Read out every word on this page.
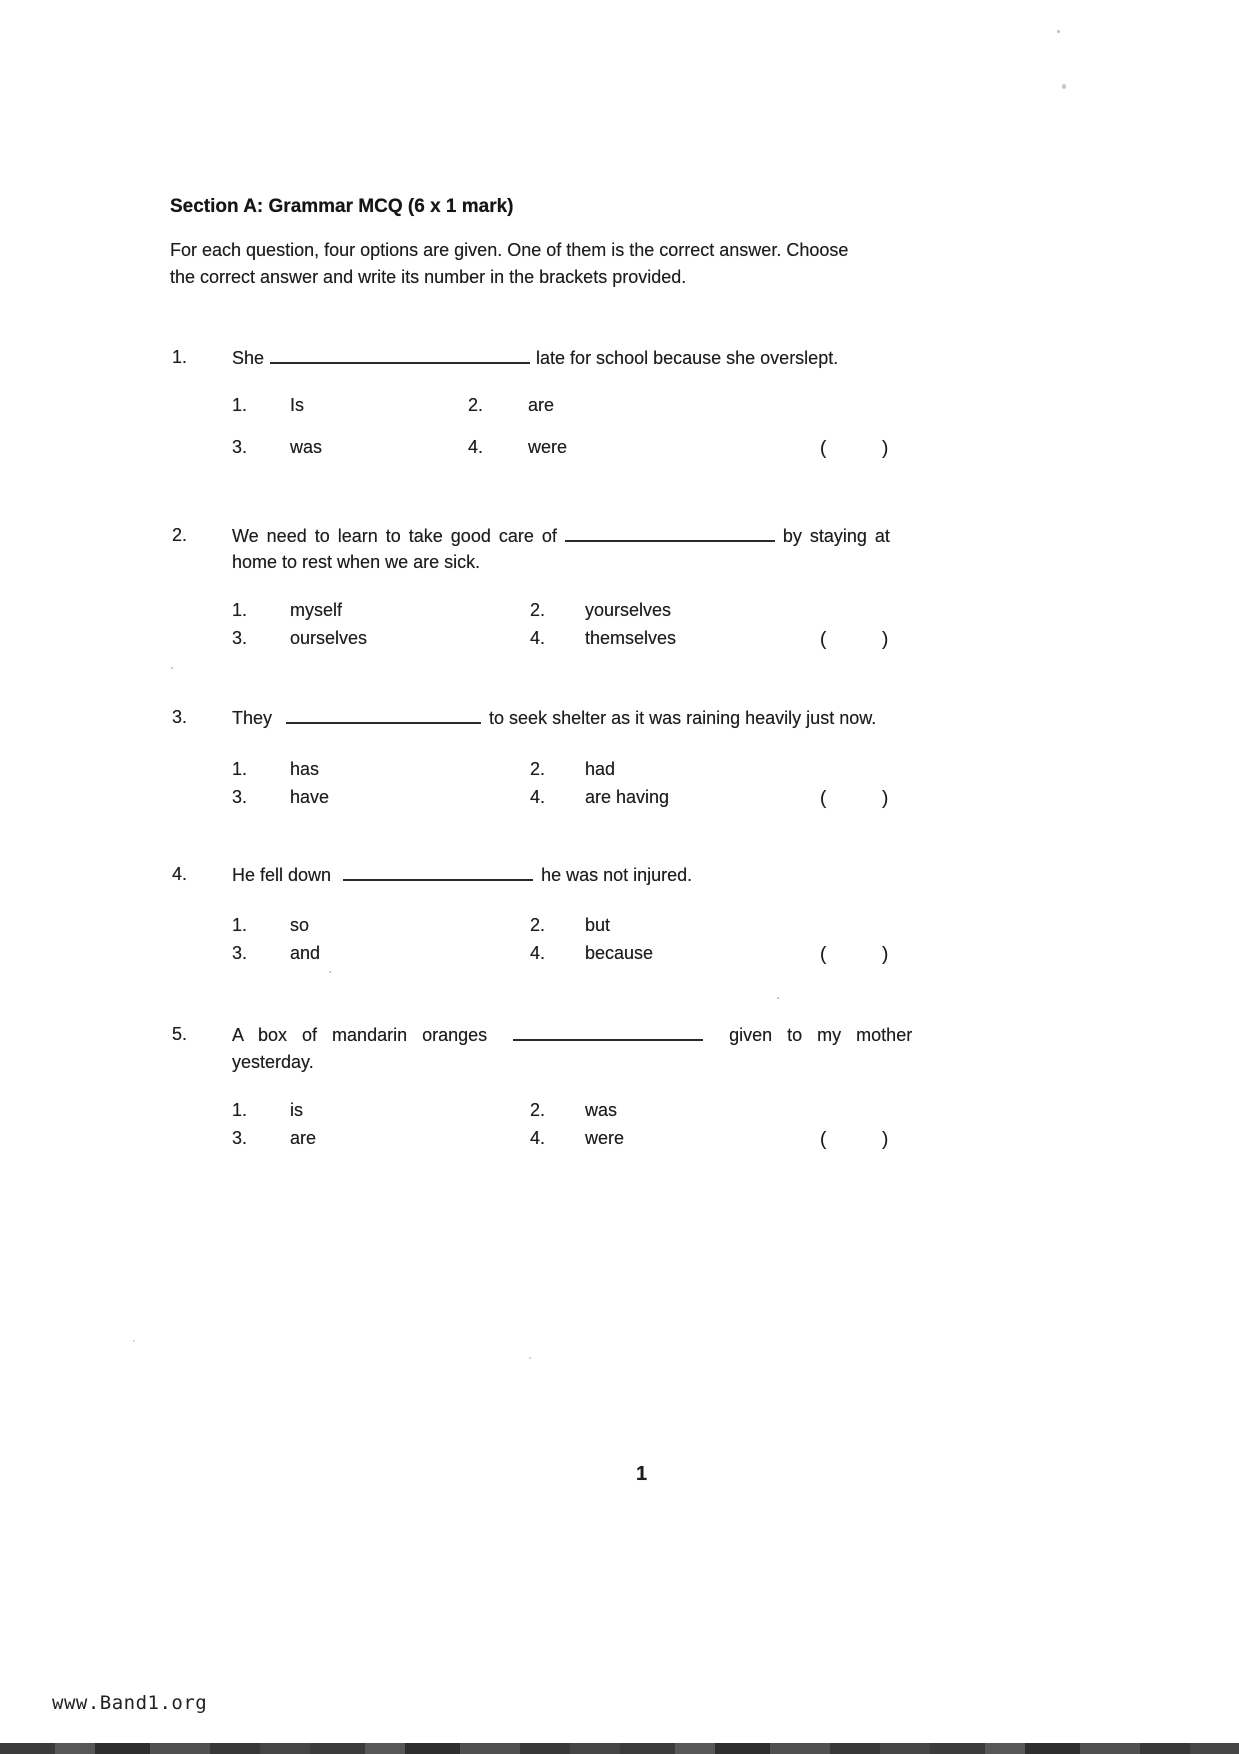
Section A: Grammar MCQ (6 x 1 mark)
For each question, four options are given. One of them is the correct answer. Choose
the correct answer and write its number in the brackets provided.
1. She	late for school because she overslept.
1. Is	2. are
3. was	4. were	(	)
2. We need to learn to take good care of	by staying at
home to rest when we are sick.
1. myself	2. yourselves
3. ourselves	4. themselves	(	)
3. They	to seek shelter as it was raining heavily just now.
1. has	2. had
3. have	4. are having	(	)
4. He fell down	he was not injured.
1. so	2. but
3. and	4. because	(	)
5. A box of mandarin oranges	given to my mother
yesterday.
1. is	2. was
3. are	4. were	(	)
1
www.Band1.org
